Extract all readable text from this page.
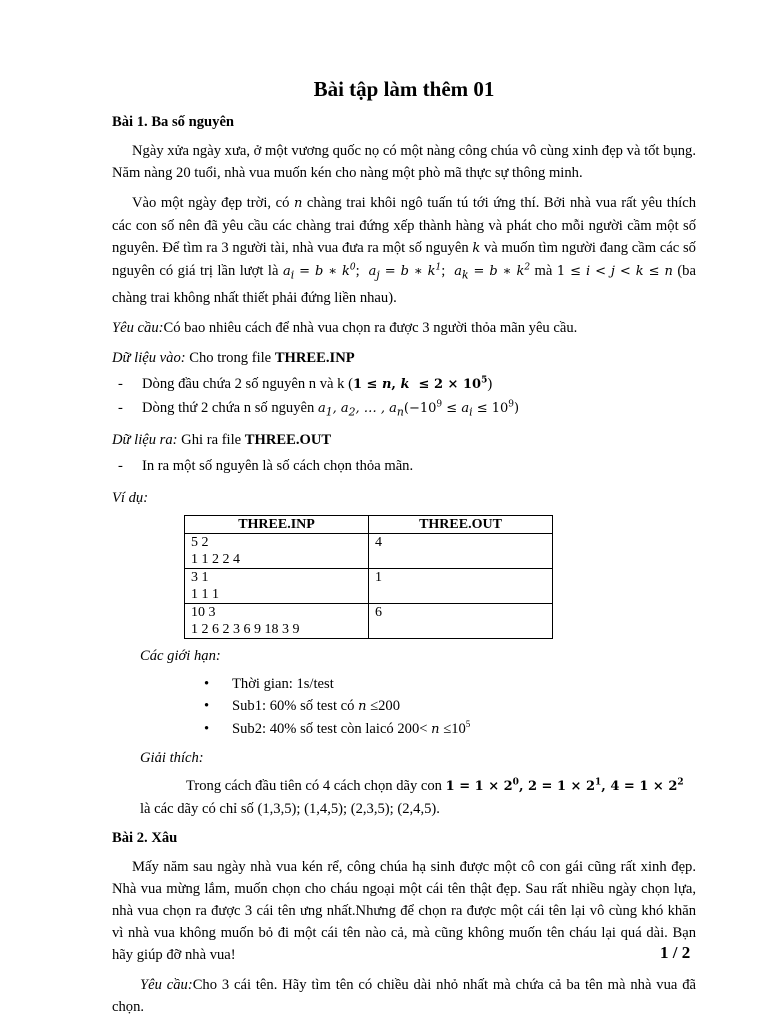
Bài tập làm thêm 01
Bài 1. Ba số nguyên

Ngày xửa ngày xưa, ở một vương quốc nọ có một nàng công chúa vô cùng xinh đẹp và tốt bụng. Năm nàng 20 tuổi, nhà vua muốn kén cho nàng một phò mã thực sự thông minh.

Vào một ngày đẹp trời, có n chàng trai khôi ngô tuấn tú tới ứng thí. Bởi nhà vua rất yêu thích các con số nên đã yêu cầu các chàng trai đứng xếp thành hàng và phát cho mỗi người cầm một số nguyên. Để tìm ra 3 người tài, nhà vua đưa ra một số nguyên k và muốn tìm người đang cầm các số nguyên có giá trị lần lượt là $a_i = b$ ∗ $k^0$;  $a_j = b$ ∗ $k^1$;  $a_k = b$ ∗ $k^2$ mà 1 ≤ i < j < k ≤ n (ba chàng trai không nhất thiết phải đứng liền nhau).

Yêu cầu:Có bao nhiêu cách để nhà vua chọn ra được 3 người thỏa mãn yêu cầu.

Dữ liệu vào: Cho trong file THREE.INP

- Dòng đầu chứa 2 số nguyên n và k (1 ≤ n, $k \le 2 \times 10^5$)
- Dòng thứ 2 chứa n số nguyên $a_1$, $a_2$, … , $a_n(-10^9 \le a_i \le 10^9)$

Dữ liệu ra: Ghi ra file THREE.OUT

- In ra một số nguyên là số cách chọn thỏa mãn.

Ví dụ:

THREE.INP	THREE.OUT

5 2
1 1 2 2 4	4

3 1
1 1 1	1

10 3
1 2 6 2 3 6 9 18 3 9	6

Các giới hạn:

• Thời gian: 1s/test
• Sub1: 60% số test có n ≤200
• Sub2: 40% số test còn laicó $200< n \le 10^5$

Giải thích:

Trong cách đầu tiên có 4 cách chọn dãy con $1 = 1 \times 2^0$, $2 = 1 \times 2^1$, $4 = 1 \times 2^2$
là các dãy có chỉ số (1,3,5); (1,4,5); (2,3,5); (2,4,5).

Bài 2. Xâu

Mấy năm sau ngày nhà vua kén rể, công chúa hạ sinh được một cô con gái cũng rất xinh đẹp. Nhà vua mừng lắm, muốn chọn cho cháu ngoại một cái tên thật đẹp. Sau rất nhiều ngày chọn lựa, nhà vua chọn ra được 3 cái tên ưng nhất.Nhưng để chọn ra được một cái tên lại vô cùng khó khăn vì nhà vua không muốn bỏ đi một cái tên nào cả, mà cũng không muốn tên cháu lại quá dài. Bạn hãy giúp đỡ nhà vua!

Yêu cầu:Cho 3 cái tên. Hãy tìm tên có chiều dài nhỏ nhất mà chứa cả ba tên mà nhà vua đã chọn.

1 / 2
